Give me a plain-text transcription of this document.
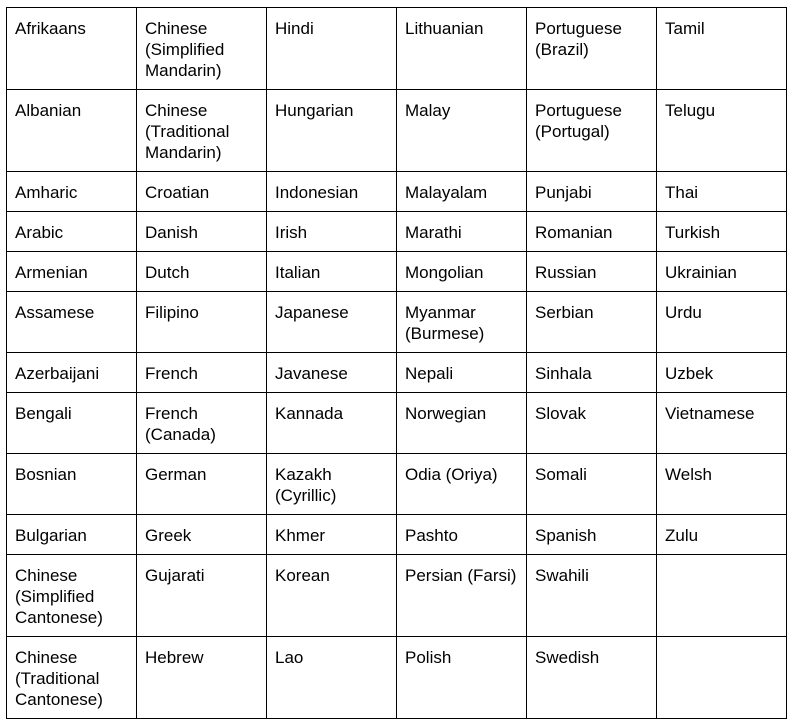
Afrikaans	Chinese (Simplified Mandarin)	Hindi	Lithuanian	Portuguese (Brazil)	Tamil
Albanian	Chinese (Traditional Mandarin)	Hungarian	Malay	Portuguese (Portugal)	Telugu
Amharic	Croatian	Indonesian	Malayalam	Punjabi	Thai
Arabic	Danish	Irish	Marathi	Romanian	Turkish
Armenian	Dutch	Italian	Mongolian	Russian	Ukrainian
Assamese	Filipino	Japanese	Myanmar (Burmese)	Serbian	Urdu
Azerbaijani	French	Javanese	Nepali	Sinhala	Uzbek
Bengali	French (Canada)	Kannada	Norwegian	Slovak	Vietnamese
Bosnian	German	Kazakh (Cyrillic)	Odia (Oriya)	Somali	Welsh
Bulgarian	Greek	Khmer	Pashto	Spanish	Zulu
Chinese (Simplified Cantonese)	Gujarati	Korean	Persian (Farsi)	Swahili	
Chinese (Traditional Cantonese)	Hebrew	Lao	Polish	Swedish	
